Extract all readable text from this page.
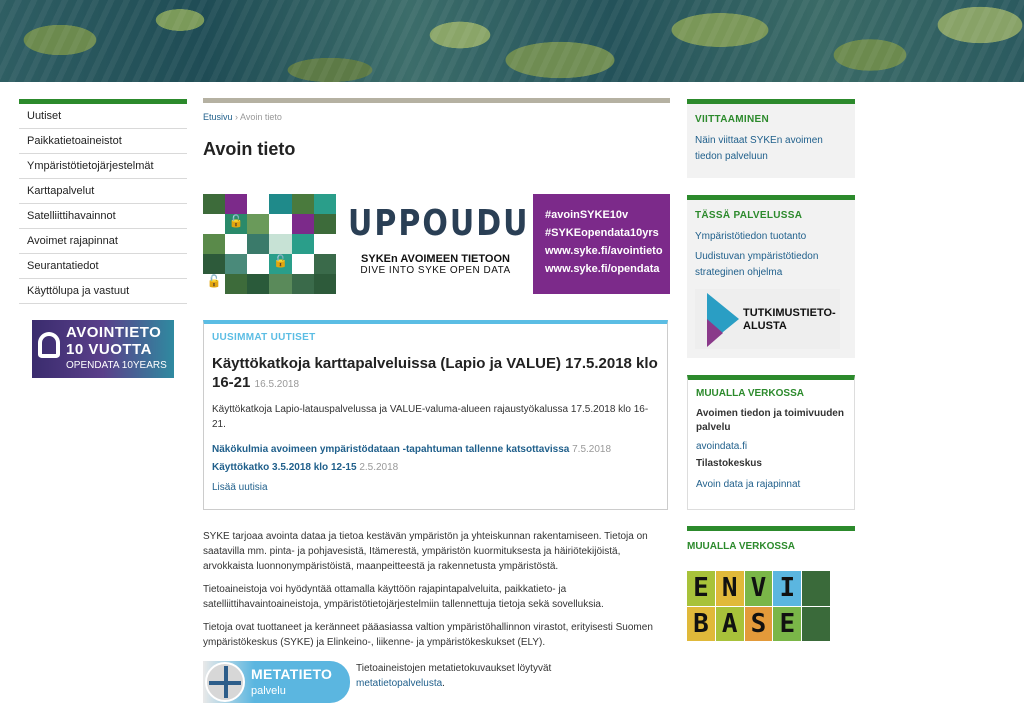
Uutiset
Paikkatietoaineistot
Ympäristötietojärjestelmät
Karttapalvelut
Satelliittihavainnot
Avoimet rajapinnat
Seurantatiedot
Käyttölupa ja vastuut
AVOINTIETO
10 VUOTTA
OPENDATA 10YEARS
Etusivu › Avoin tieto
Avoin tieto
🔓
🔓
🔓
UPPOUDU
SYKEn AVOIMEEN TIETOON
DIVE INTO SYKE OPEN DATA
#avoinSYKE10v
#SYKEopendata10yrs
www.syke.fi/avointieto
www.syke.fi/opendata
UUSIMMAT UUTISET
Käyttökatkoja karttapalveluissa (Lapio ja VALUE) 17.5.2018 klo 16-21 16.5.2018
Käyttökatkoja Lapio-latauspalvelussa ja VALUE-valuma-alueen rajaustyökalussa 17.5.2018 klo 16-21.
Näkökulmia avoimeen ympäristödataan -tapahtuman tallenne katsottavissa 7.5.2018
Käyttökatko 3.5.2018 klo 12-15 2.5.2018
Lisää uutisia

SYKE tarjoaa avointa dataa ja tietoa kestävän ympäristön ja yhteiskunnan rakentamiseen. Tietoja on saatavilla mm. pinta- ja pohjavesistä, Itämerestä, ympäristön kuormituksesta ja häiriötekijöistä, arvokkaista luonnonympäristöistä, maanpeitteestä ja rakennetusta ympäristöstä.

Tietoaineistoja voi hyödyntää ottamalla käyttöön rajapintapalveluita, paikkatieto- ja satelliittihavaintoaineistoja, ympäristötietojärjestelmiin tallennettuja tietoja sekä sovelluksia.

Tietoja ovat tuottaneet ja keränneet pääasiassa valtion ympäristöhallinnon virastot, erityisesti Suomen ympäristökeskus (SYKE) ja Elinkeino-, liikenne- ja ympäristökeskukset (ELY).

METATIETO
palvelu
Tietoaineistojen metatietokuvaukset löytyvät
metatietopalvelusta.
VIITTAAMINEN
Näin viittaat SYKEn avoimen tiedon palveluun
TÄSSÄ PALVELUSSA
Ympäristötiedon tuotanto
Uudistuvan ympäristötiedon strateginen ohjelma
TUTKIMUSTIETO-ALUSTA
MUUALLA VERKOSSA
Avoimen tiedon ja toimivuuden palvelu
avoindata.fi
Tilastokeskus
Avoin data ja rajapinnat
MUUALLA VERKOSSA
E N V I
B A S E
